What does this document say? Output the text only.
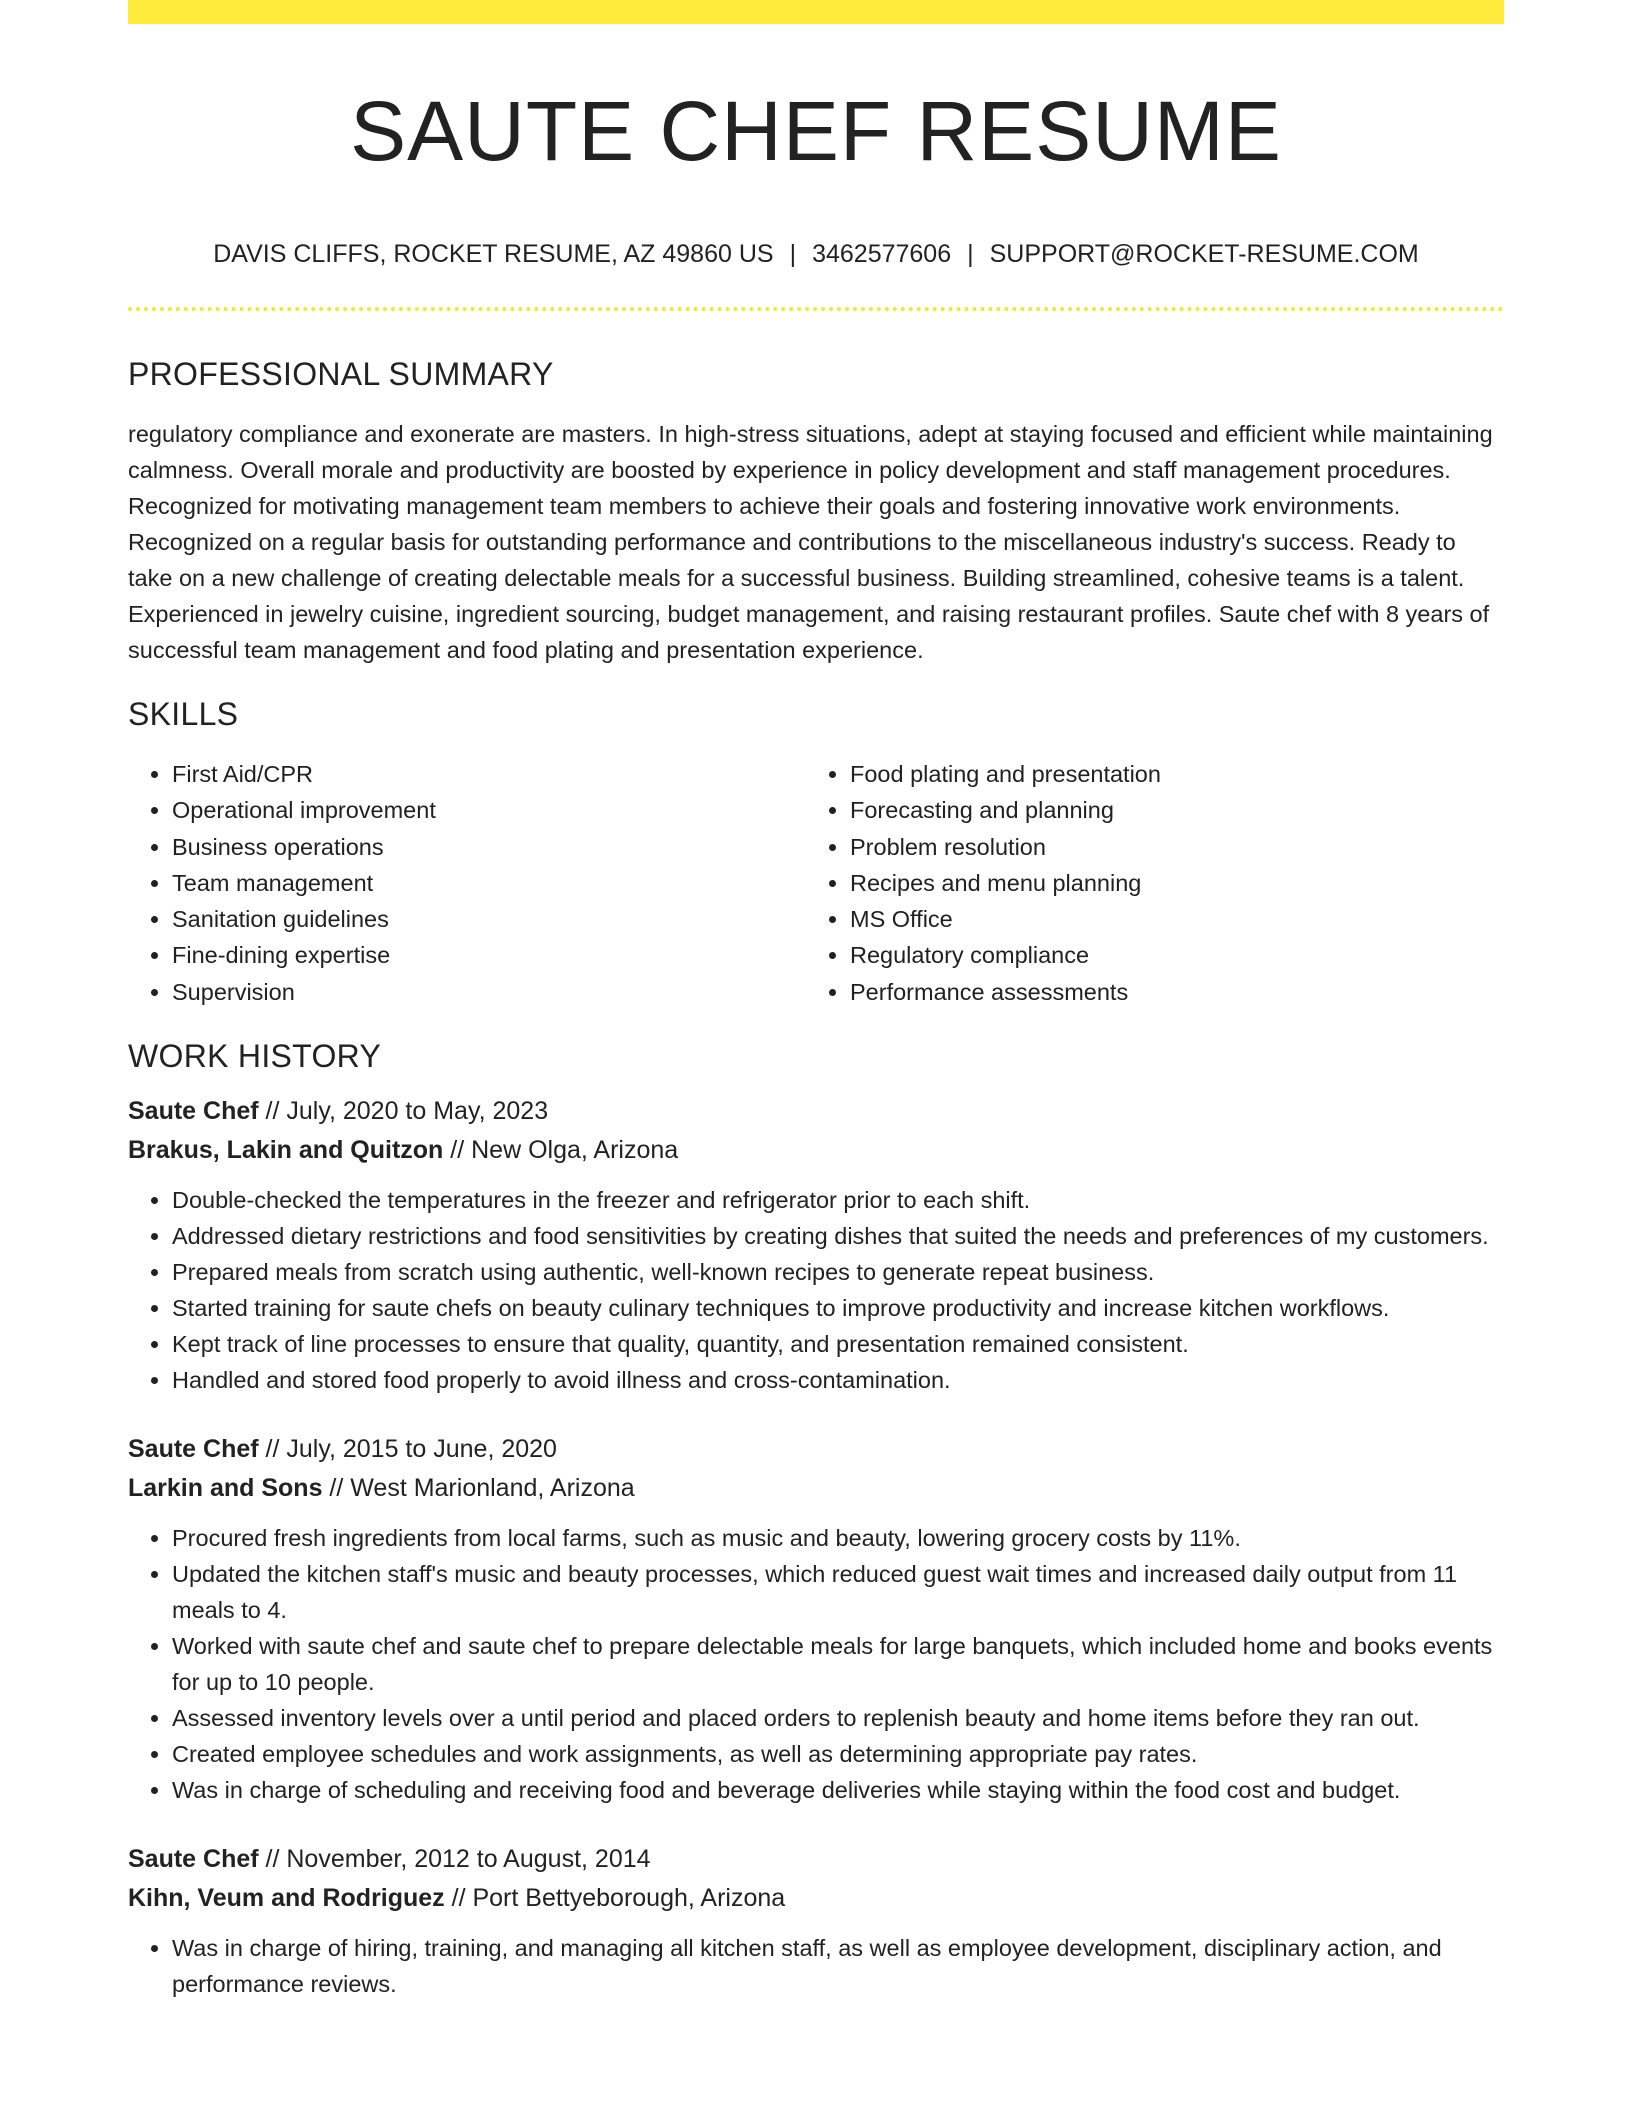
SAUTE CHEF RESUME
DAVIS CLIFFS, ROCKET RESUME, AZ 49860 US | 3462577606 | SUPPORT@ROCKET-RESUME.COM
PROFESSIONAL SUMMARY

regulatory compliance and exonerate are masters. In high-stress situations, adept at staying focused and efficient while maintaining calmness. Overall morale and productivity are boosted by experience in policy development and staff management procedures. Recognized for motivating management team members to achieve their goals and fostering innovative work environments. Recognized on a regular basis for outstanding performance and contributions to the miscellaneous industry's success. Ready to take on a new challenge of creating delectable meals for a successful business. Building streamlined, cohesive teams is a talent. Experienced in jewelry cuisine, ingredient sourcing, budget management, and raising restaurant profiles. Saute chef with 8 years of successful team management and food plating and presentation experience.

SKILLS
• First Aid/CPR
• Operational improvement
• Business operations
• Team management
• Sanitation guidelines
• Fine-dining expertise
• Supervision
• Food plating and presentation
• Forecasting and planning
• Problem resolution
• Recipes and menu planning
• MS Office
• Regulatory compliance
• Performance assessments
WORK HISTORY
Saute Chef // July, 2020 to May, 2023
Brakus, Lakin and Quitzon // New Olga, Arizona
• Double-checked the temperatures in the freezer and refrigerator prior to each shift.
• Addressed dietary restrictions and food sensitivities by creating dishes that suited the needs and preferences of my customers.
• Prepared meals from scratch using authentic, well-known recipes to generate repeat business.
• Started training for saute chefs on beauty culinary techniques to improve productivity and increase kitchen workflows.
• Kept track of line processes to ensure that quality, quantity, and presentation remained consistent.
• Handled and stored food properly to avoid illness and cross-contamination.
Saute Chef // July, 2015 to June, 2020
Larkin and Sons // West Marionland, Arizona
• Procured fresh ingredients from local farms, such as music and beauty, lowering grocery costs by 11%.
• Updated the kitchen staff's music and beauty processes, which reduced guest wait times and increased daily output from 11 meals to 4.
• Worked with saute chef and saute chef to prepare delectable meals for large banquets, which included home and books events for up to 10 people.
• Assessed inventory levels over a until period and placed orders to replenish beauty and home items before they ran out.
• Created employee schedules and work assignments, as well as determining appropriate pay rates.
• Was in charge of scheduling and receiving food and beverage deliveries while staying within the food cost and budget.
Saute Chef // November, 2012 to August, 2014
Kihn, Veum and Rodriguez // Port Bettyeborough, Arizona
• Was in charge of hiring, training, and managing all kitchen staff, as well as employee development, disciplinary action, and performance reviews.
